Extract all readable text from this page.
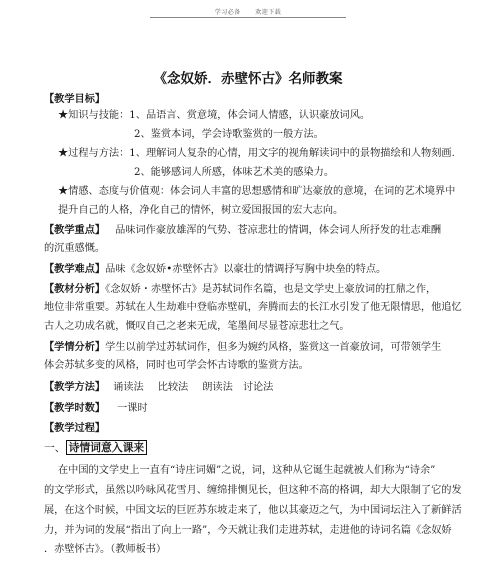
学习必备 欢迎下载
《念奴娇．赤壁怀古》名师教案
【教学目标】
★知识与技能：1、品语言、赏意境，体会词人情感，认识豪放词风。
2、鉴赏本词，学会诗歌鉴赏的一般方法。
★过程与方法：1、理解词人复杂的心情，用文字的视角解读词中的景物描绘和人物刻画.
2、能够感词人所感，体味艺术美的感染力。
★情感、态度与价值观：体会词人丰富的思想感情和旷达豪放的意境，在词的艺术境界中
提升自己的人格，净化自己的情怀，树立爱国报国的宏大志向。
【教学重点】 品味词作豪放雄浑的气势、苍凉悲壮的情调，体会词人所抒发的壮志难酬
的沉重感慨。
【教学难点】品味《念奴娇•赤壁怀古》以豪壮的情调抒写胸中块垒的特点。
【教材分析】《念奴娇・赤壁怀古》是苏轼词作名篇，也是文学史上豪放词的扛鼎之作，
地位非常重要。苏轼在人生劫难中登临赤壁矶，奔腾而去的长江水引发了他无限情思，他追忆
古人之功成名就，慨叹自己之老来无成，笔墨间尽显苍凉悲壮之气。
【学情分析】学生以前学过苏轼词作，但多为婉约风格，鉴赏这一首豪放词，可带领学生
体会苏轼多变的风格，同时也可学会怀古诗歌的鉴赏方法。
【教学方法】 诵读法 比较法 朗读法 讨论法
【教学时数】 一课时
【教学过程】
一、 诗情词意入课来
在中国的文学史上一直有“诗庄词媚”之说，词，这种从它诞生起就被人们称为“诗余”
的文学形式，虽然以吟咏风花雪月、缠绵排恻见长，但这种不高的格调，却大大限制了它的发
展，在这个时候，中国文坛的巨匠苏东坡走来了，他以其豪迈之气，为中国词坛注入了新鲜活
力，并为词的发展“指出了向上一路”，今天就让我们走进苏轼，走进他的诗词名篇《念奴娇
．赤壁怀古》。（教师板书）
